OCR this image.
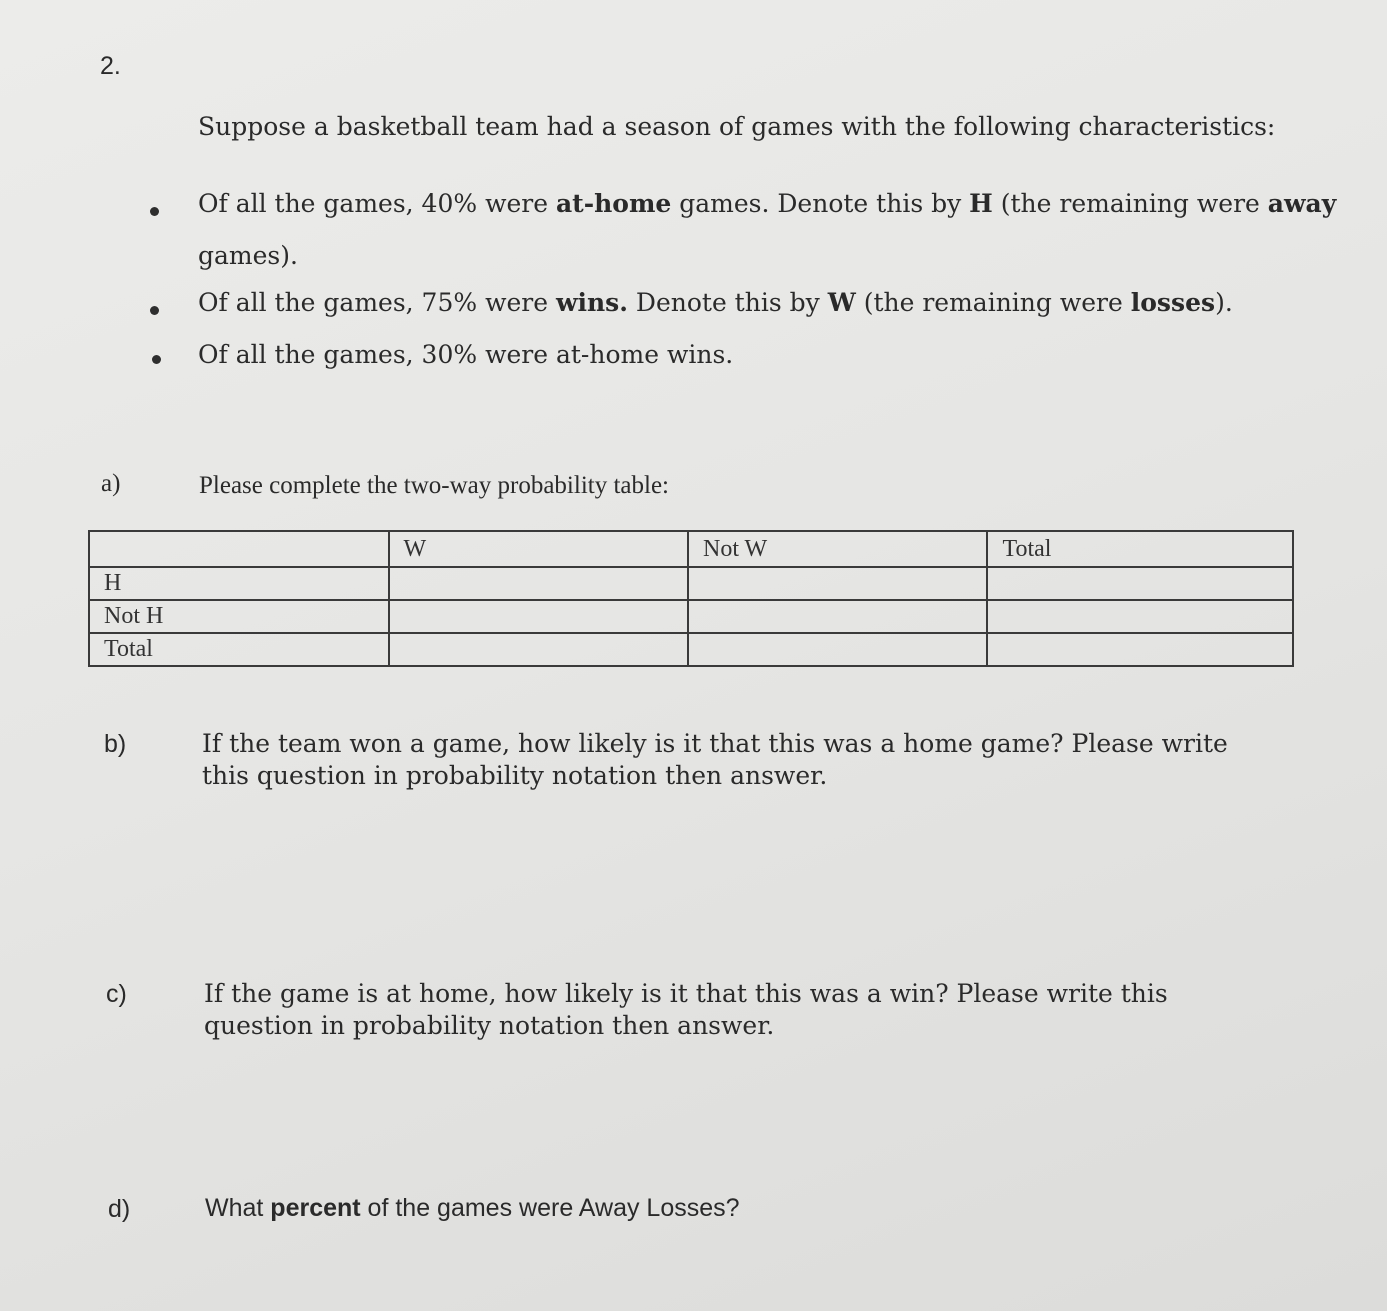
2.
Suppose a basketball team had a season of games with the following characteristics:
Of all the games, 40% were at-home games. Denote this by H (the remaining were away
games).
Of all the games, 75% were wins. Denote this by W (the remaining were losses).
Of all the games, 30% were at-home wins.
a)	Please complete the two-way probability table:
	W	Not W	Total
H			
Not H			
Total			
b)	If the team won a game, how likely is it that this was a home game? Please write this question in probability notation then answer.
c)	If the game is at home, how likely is it that this was a win? Please write this question in probability notation then answer.
d)	What percent of the games were Away Losses?
